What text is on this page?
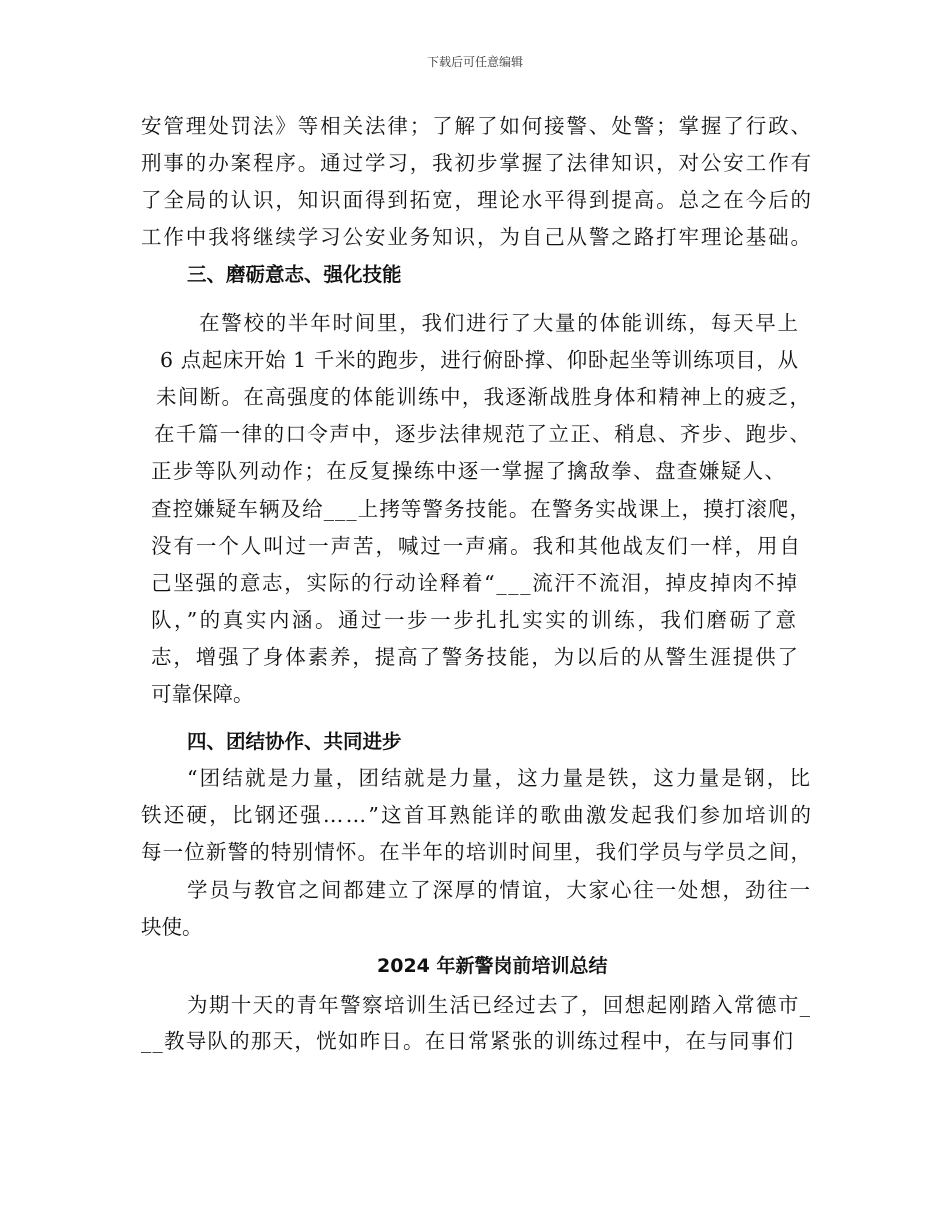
下载后可任意编辑
安管理处罚法》等相关法律；了解了如何接警、处警；掌握了行政、
刑事的办案程序。通过学习，我初步掌握了法律知识，对公安工作有
了全局的认识，知识面得到拓宽，理论水平得到提高。总之在今后的
工作中我将继续学习公安业务知识，为自己从警之路打牢理论基础。
三、磨砺意志、强化技能
在警校的半年时间里，我们进行了大量的体能训练，每天早上
6 点起床开始 1 千米的跑步，进行俯卧撑、仰卧起坐等训练项目，从
未间断。在高强度的体能训练中，我逐渐战胜身体和精神上的疲乏，
在千篇一律的口令声中，逐步法律规范了立正、稍息、齐步、跑步、
正步等队列动作；在反复操练中逐一掌握了擒敌拳、盘查嫌疑人、
查控嫌疑车辆及给___上拷等警务技能。在警务实战课上，摸打滚爬，
没有一个人叫过一声苦，喊过一声痛。我和其他战友们一样，用自
己坚强的意志，实际的行动诠释着“___流汗不流泪，掉皮掉肉不掉
队，”的真实内涵。通过一步一步扎扎实实的训练，我们磨砺了意
志，增强了身体素养，提高了警务技能，为以后的从警生涯提供了
可靠保障。
四、团结协作、共同进步
“团结就是力量，团结就是力量，这力量是铁，这力量是钢，比
铁还硬，比钢还强……”这首耳熟能详的歌曲激发起我们参加培训的
每一位新警的特别情怀。在半年的培训时间里，我们学员与学员之间，
学员与教官之间都建立了深厚的情谊，大家心往一处想，劲往一
块使。
2024 年新警岗前培训总结
为期十天的青年警察培训生活已经过去了，回想起刚踏入常德市_
__教导队的那天，恍如昨日。在日常紧张的训练过程中，在与同事们
